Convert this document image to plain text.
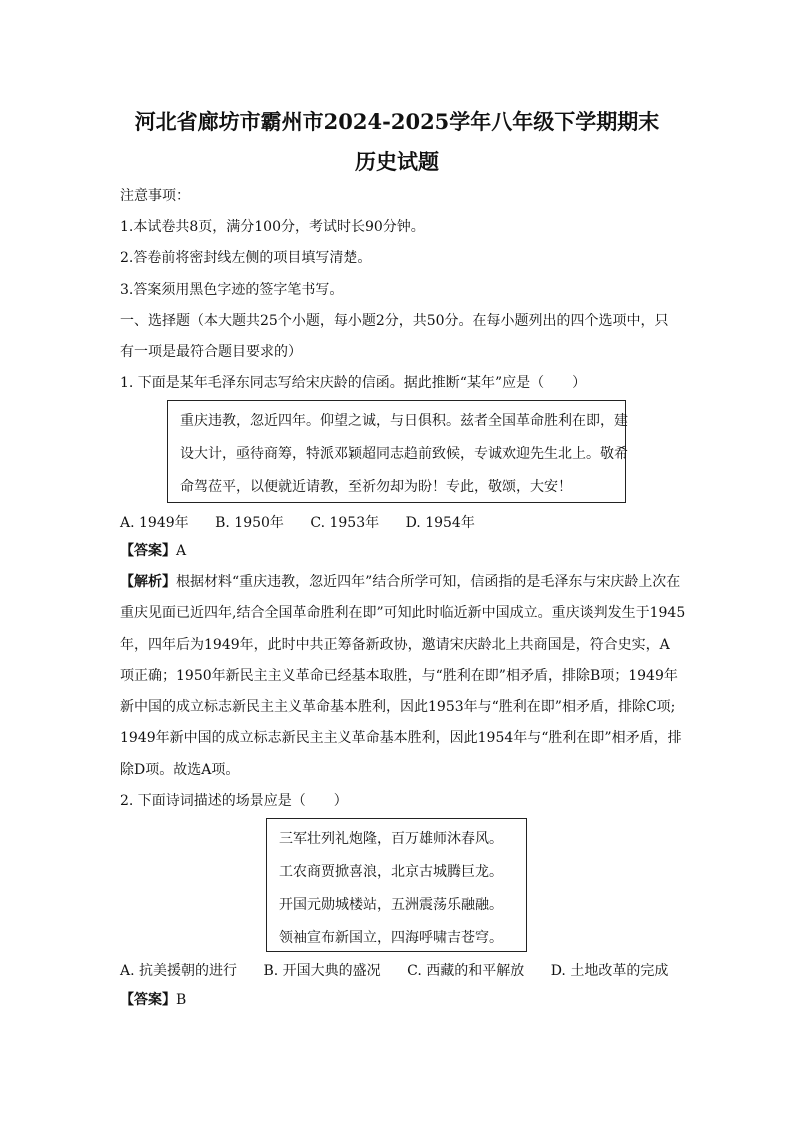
河北省廊坊市霸州市2024-2025学年八年级下学期期末
历史试题
注意事项：
1.本试卷共8页，满分100分，考试时长90分钟。
2.答卷前将密封线左侧的项目填写清楚。
3.答案须用黑色字迹的签字笔书写。
一、选择题（本大题共25个小题，每小题2分，共50分。在每小题列出的四个选项中，只
有一项是最符合题目要求的）
1. 下面是某年毛泽东同志写给宋庆龄的信函。据此推断“某年”应是（　　）
重庆违教，忽近四年。仰望之诚，与日俱积。兹者全国革命胜利在即，建
设大计，亟待商筹，特派邓颖超同志趋前致候，专诚欢迎先生北上。敬希
命驾莅平，以便就近请教，至祈勿却为盼！专此，敬颂，大安！
A. 1949年 B. 1950年 C. 1953年 D. 1954年
【答案】A
【解析】根据材料“重庆违教，忽近四年”结合所学可知，信函指的是毛泽东与宋庆龄上次在
重庆见面已近四年,结合全国革命胜利在即”可知此时临近新中国成立。重庆谈判发生于1945
年，四年后为1949年，此时中共正筹备新政协，邀请宋庆龄北上共商国是，符合史实，A
项正确；1950年新民主主义革命已经基本取胜，与“胜利在即”相矛盾，排除B项；1949年
新中国的成立标志新民主主义革命基本胜利，因此1953年与“胜利在即”相矛盾，排除C项;
1949年新中国的成立标志新民主主义革命基本胜利，因此1954年与“胜利在即”相矛盾，排
除D项。故选A项。
2. 下面诗词描述的场景应是（　　）
三军壮列礼炮隆，百万雄师沐春风。
工农商贾掀喜浪，北京古城腾巨龙。
开国元勋城楼站，五洲震荡乐融融。
领袖宣布新国立，四海呼啸吉苍穹。
A. 抗美援朝的进行 B. 开国大典的盛况 C. 西藏的和平解放 D. 土地改革的完成
【答案】B
